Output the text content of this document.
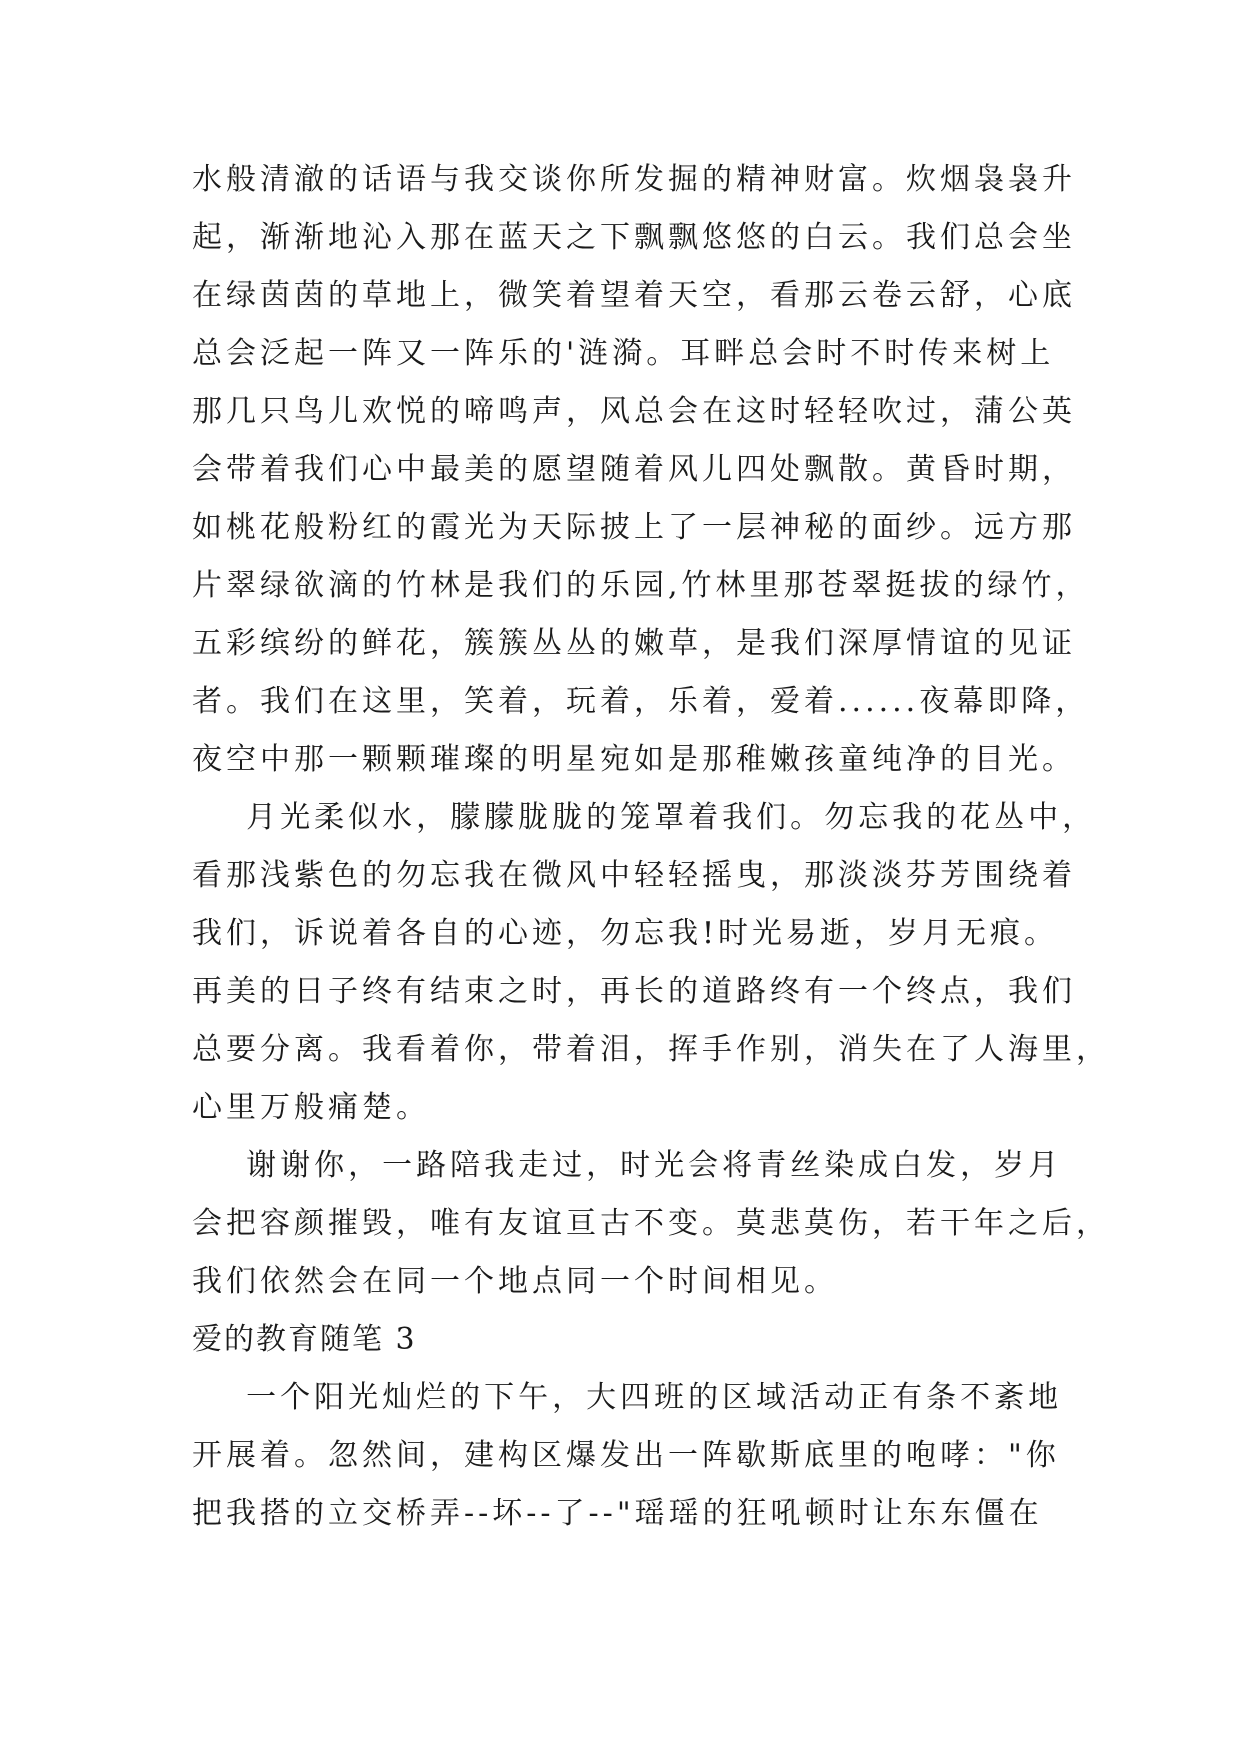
水般清澈的话语与我交谈你所发掘的精神财富。炊烟袅袅升
起，渐渐地沁入那在蓝天之下飘飘悠悠的白云。我们总会坐
在绿茵茵的草地上，微笑着望着天空，看那云卷云舒，心底
总会泛起一阵又一阵乐的'涟漪。耳畔总会时不时传来树上
那几只鸟儿欢悦的啼鸣声，风总会在这时轻轻吹过，蒲公英
会带着我们心中最美的愿望随着风儿四处飘散。黄昏时期，
如桃花般粉红的霞光为天际披上了一层神秘的面纱。远方那
片翠绿欲滴的竹林是我们的乐园,竹林里那苍翠挺拔的绿竹，
五彩缤纷的鲜花，簇簇丛丛的嫩草，是我们深厚情谊的见证
者。我们在这里，笑着，玩着，乐着，爱着......夜幕即降，
夜空中那一颗颗璀璨的明星宛如是那稚嫩孩童纯净的目光。
月光柔似水，朦朦胧胧的笼罩着我们。勿忘我的花丛中，
看那浅紫色的勿忘我在微风中轻轻摇曳，那淡淡芬芳围绕着
我们，诉说着各自的心迹，勿忘我!时光易逝，岁月无痕。
再美的日子终有结束之时，再长的道路终有一个终点，我们
总要分离。我看着你，带着泪，挥手作别，消失在了人海里，
心里万般痛楚。
谢谢你，一路陪我走过，时光会将青丝染成白发，岁月
会把容颜摧毁，唯有友谊亘古不变。莫悲莫伤，若干年之后，
我们依然会在同一个地点同一个时间相见。
爱的教育随笔 3
一个阳光灿烂的下午，大四班的区域活动正有条不紊地
开展着。忽然间，建构区爆发出一阵歇斯底里的咆哮："你
把我搭的立交桥弄--坏--了--"瑶瑶的狂吼顿时让东东僵在
